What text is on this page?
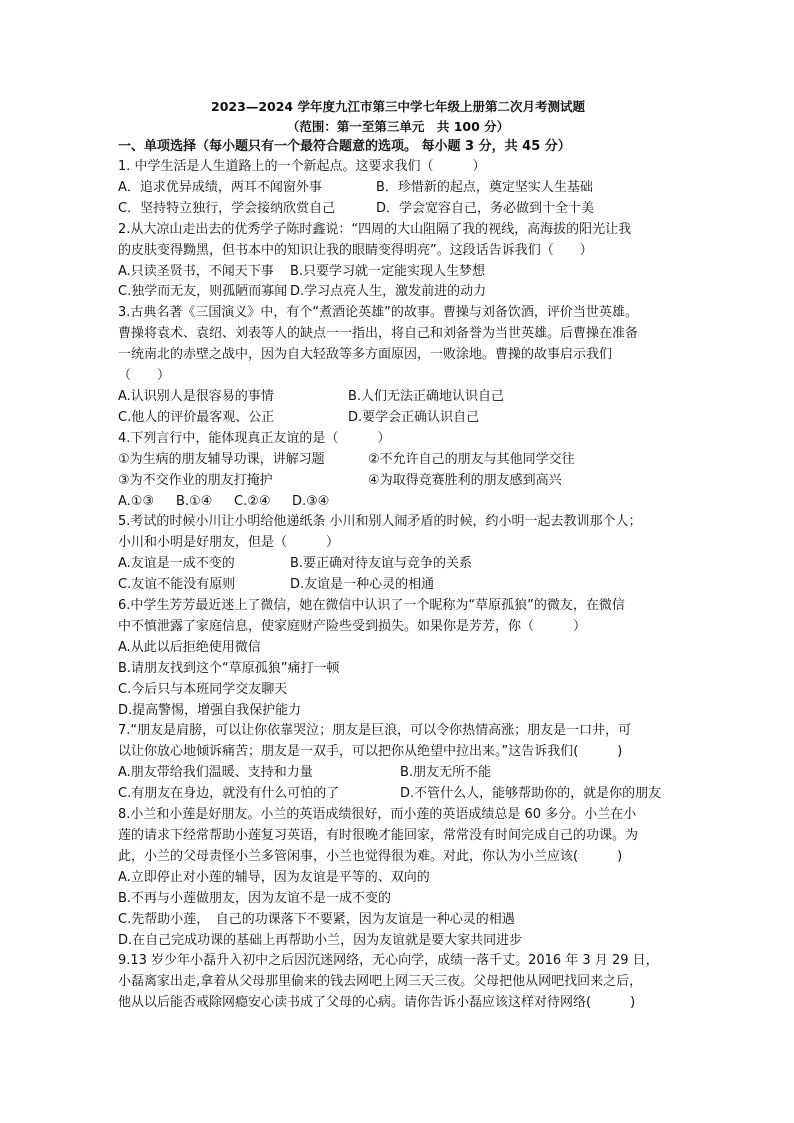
2023—2024 学年度九江市第三中学七年级上册第二次月考测试题

（范围：第一至第三单元　共 100 分）

一、单项选择（每小题只有一个最符合题意的选项。 每小题 3 分，共 45 分）

1. 中学生活是人生道路上的一个新起点。这要求我们（　　　）

A．追求优异成绩，两耳不闻窗外事	B．珍惜新的起点，奠定坚实人生基础
C．坚持特立独行，学会接纳欣赏自己	D．学会宽容自己，务必做到十全十美

2.从大凉山走出去的优秀学子陈时鑫说：“四周的大山阻隔了我的视线，高海拔的阳光让我

的皮肤变得黝黑，但书本中的知识让我的眼睛变得明亮”。这段话告诉我们（　　）

A.只读圣贤书，不闻天下事	B.只要学习就一定能实现人生梦想
C.独学而无友，则孤陋而寡闻 D.学习点亮人生，激发前进的动力

3.古典名著《三国演义》中，有个“煮酒论英雄”的故事。曹操与刘备饮酒，评价当世英雄。

曹操将袁术、袁绍、刘表等人的缺点一一指出，将自己和刘备誉为当世英雄。后曹操在准备

一统南北的赤壁之战中，因为自大轻敌等多方面原因，一败涂地。曹操的故事启示我们

（　　）

A.认识别人是很容易的事情	B.人们无法正确地认识自己
C.他人的评价最客观、公正	D.要学会正确认识自己

4.下列言行中，能体现真正友谊的是（　　　）

①为生病的朋友辅导功课，讲解习题	②不允许自己的朋友与其他同学交往
③为不交作业的朋友打掩护	④为取得竞赛胜利的朋友感到高兴
A.①③	B.①④	C.②④	D.③④

5.考试的时候小川让小明给他递纸条 小川和别人闹矛盾的时候，约小明一起去教训那个人；

小川和小明是好朋友，但是（　　　）

A.友谊是一成不变的	B.要正确对待友谊与竞争的关系
C.友谊不能没有原则	D.友谊是一种心灵的相通

6.中学生芳芳最近迷上了微信，她在微信中认识了一个昵称为“草原孤狼”的微友，在微信

中不慎泄露了家庭信息，使家庭财产险些受到损失。如果你是芳芳，你（　　　）

A.从此以后拒绝使用微信
B.请朋友找到这个“草原孤狼”痛打一顿
C.今后只与本班同学交友聊天
D.提高警惕，增强自我保护能力

7.“朋友是肩膀，可以让你依靠哭泣；朋友是巨浪，可以令你热情高涨；朋友是一口井，可

以让你放心地倾诉痛苦；朋友是一双手，可以把你从绝望中拉出来。”这告诉我们(　　　)

A.朋友带给我们温暖、支持和力量	B.朋友无所不能
C.有朋友在身边，就没有什么可怕的了	D.不管什么人，能够帮助你的，就是你的朋友

8.小兰和小莲是好朋友。小兰的英语成绩很好，而小莲的英语成绩总是 60 多分。小兰在小

莲的请求下经常帮助小莲复习英语，有时很晚才能回家，常常没有时间完成自己的功课。为

此，小兰的父母责怪小兰多管闲事，小兰也觉得很为难。对此，你认为小兰应该(　　　)

A.立即停止对小莲的辅导，因为友谊是平等的、双向的
B.不再与小莲做朋友，因为友谊不是一成不变的
C.先帮助小莲，　自己的功课落下不要紧，因为友谊是一种心灵的相遇
D.在自己完成功课的基础上再帮助小兰，因为友谊就是要大家共同进步

9.13 岁少年小磊升入初中之后因沉迷网络，无心向学，成绩一落千丈。2016 年 3 月 29 日，

小磊离家出走,拿着从父母那里偷来的钱去网吧上网三天三夜。父母把他从网吧找回来之后，

他从以后能否戒除网瘾安心读书成了父母的心病。请你告诉小磊应该这样对待网络(　　　)
